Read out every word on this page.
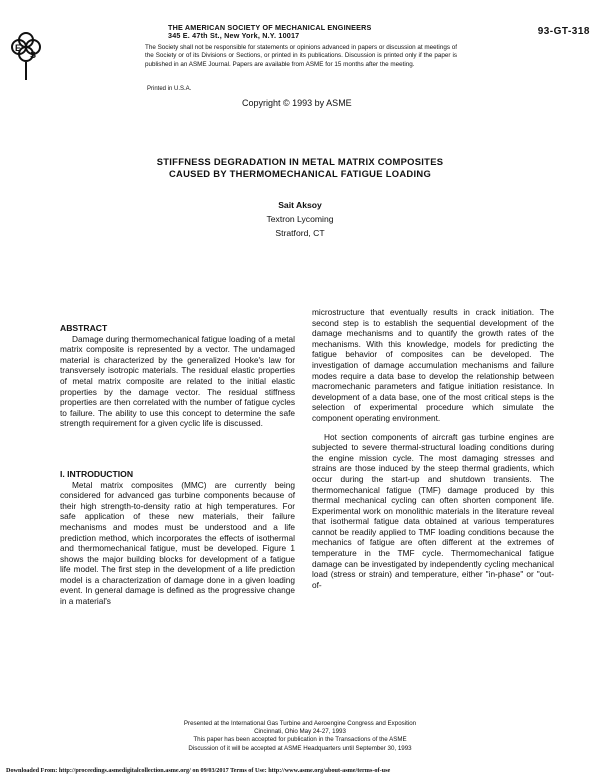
E
S
THE AMERICAN SOCIETY OF MECHANICAL ENGINEERS
345 E. 47th St., New York, N.Y. 10017	93-GT-318
The Society shall not be responsible for statements or opinions advanced in papers or discussion at meetings of the Society or of its Divisions or Sections, or printed in its publications. Discussion is printed only if the paper is published in an ASME Journal. Papers are available from ASME for 15 months after the meeting.
Printed in U.S.A.
Copyright © 1993 by ASME
STIFFNESS DEGRADATION IN METAL MATRIX COMPOSITES
CAUSED BY THERMOMECHANICAL FATIGUE LOADING
Sait Aksoy
Textron Lycoming
Stratford, CT
ABSTRACT

Damage during thermomechanical fatigue loading of a metal matrix composite is represented by a vector. The undamaged material is characterized by the generalized Hooke's law for transversely isotropic materials. The residual elastic properties of metal matrix composite are related to the initial elastic properties by the damage vector. The residual stiffness properties are then correlated with the number of fatigue cycles to failure. The ability to use this concept to determine the safe strength requirement for a given cyclic life is discussed.

I. INTRODUCTION

Metal matrix composites (MMC) are currently being considered for advanced gas turbine components because of their high strength-to-density ratio at high temperatures. For safe application of these new materials, their failure mechanisms and modes must be understood and a life prediction method, which incorporates the effects of isothermal and thermomechanical fatigue, must be developed. Figure 1 shows the major building blocks for development of a fatigue life model. The first step in the development of a life prediction model is a characterization of damage done in a given loading event. In general damage is defined as the progressive change in a material's

microstructure that eventually results in crack initiation. The second step is to establish the sequential development of the damage mechanisms and to quantify the growth rates of the mechanisms. With this knowledge, models for predicting the fatigue behavior of composites can be developed. The investigation of damage accumulation mechanisms and failure modes require a data base to develop the relationship between macromechanic parameters and fatigue initiation resistance. In development of a data base, one of the most critical steps is the selection of experimental procedure which simulate the component operating environment.

Hot section components of aircraft gas turbine engines are subjected to severe thermal-structural loading conditions during the engine mission cycle. The most damaging stresses and strains are those induced by the steep thermal gradients, which occur during the start-up and shutdown transients. The thermomechanical fatigue (TMF) damage produced by this thermal mechanical cycling can often shorten component life. Experimental work on monolithic materials in the literature reveal that isothermal fatigue data obtained at various temperatures cannot be readily applied to TMF loading conditions because the mechanics of fatigue are often different at the extremes of temperature in the TMF cycle. Thermomechanical fatigue damage can be investigated by independently cycling mechanical load (stress or strain) and temperature, either "in-phase" or "out-of-

Presented at the International Gas Turbine and Aeroengine Congress and Exposition
Cincinnati, Ohio May 24-27, 1993
This paper has been accepted for publication in the Transactions of the ASME
Discussion of it will be accepted at ASME Headquarters until September 30, 1993
Downloaded From: http://proceedings.asmedigitalcollection.asme.org/ on 09/03/2017 Terms of Use: http://www.asme.org/about-asme/terms-of-use
